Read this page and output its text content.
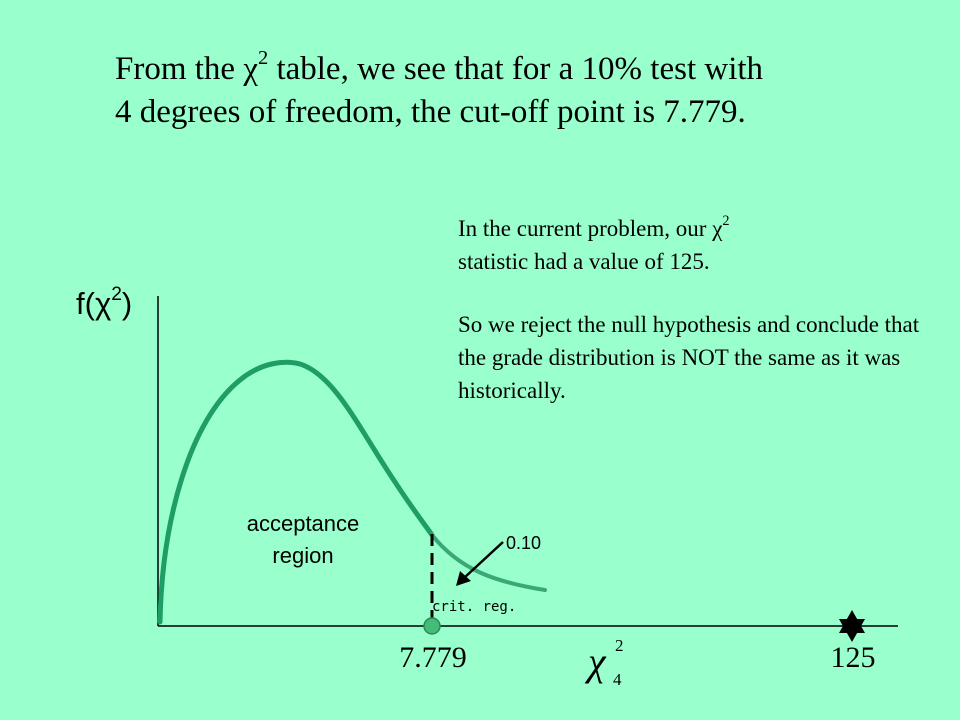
From the $\chi^2$ table, we see that for a 10% test with
4 degrees of freedom, the cut-off point is 7.779.
In the current problem, our $\chi^2$
statistic had a value of 125.
So we reject the null hypothesis and conclude that the grade distribution is NOT the same as it was historically.
$f(\chi^2)$
acceptance
region	0.10
crit. reg.
7.779	χ 2
4
125
